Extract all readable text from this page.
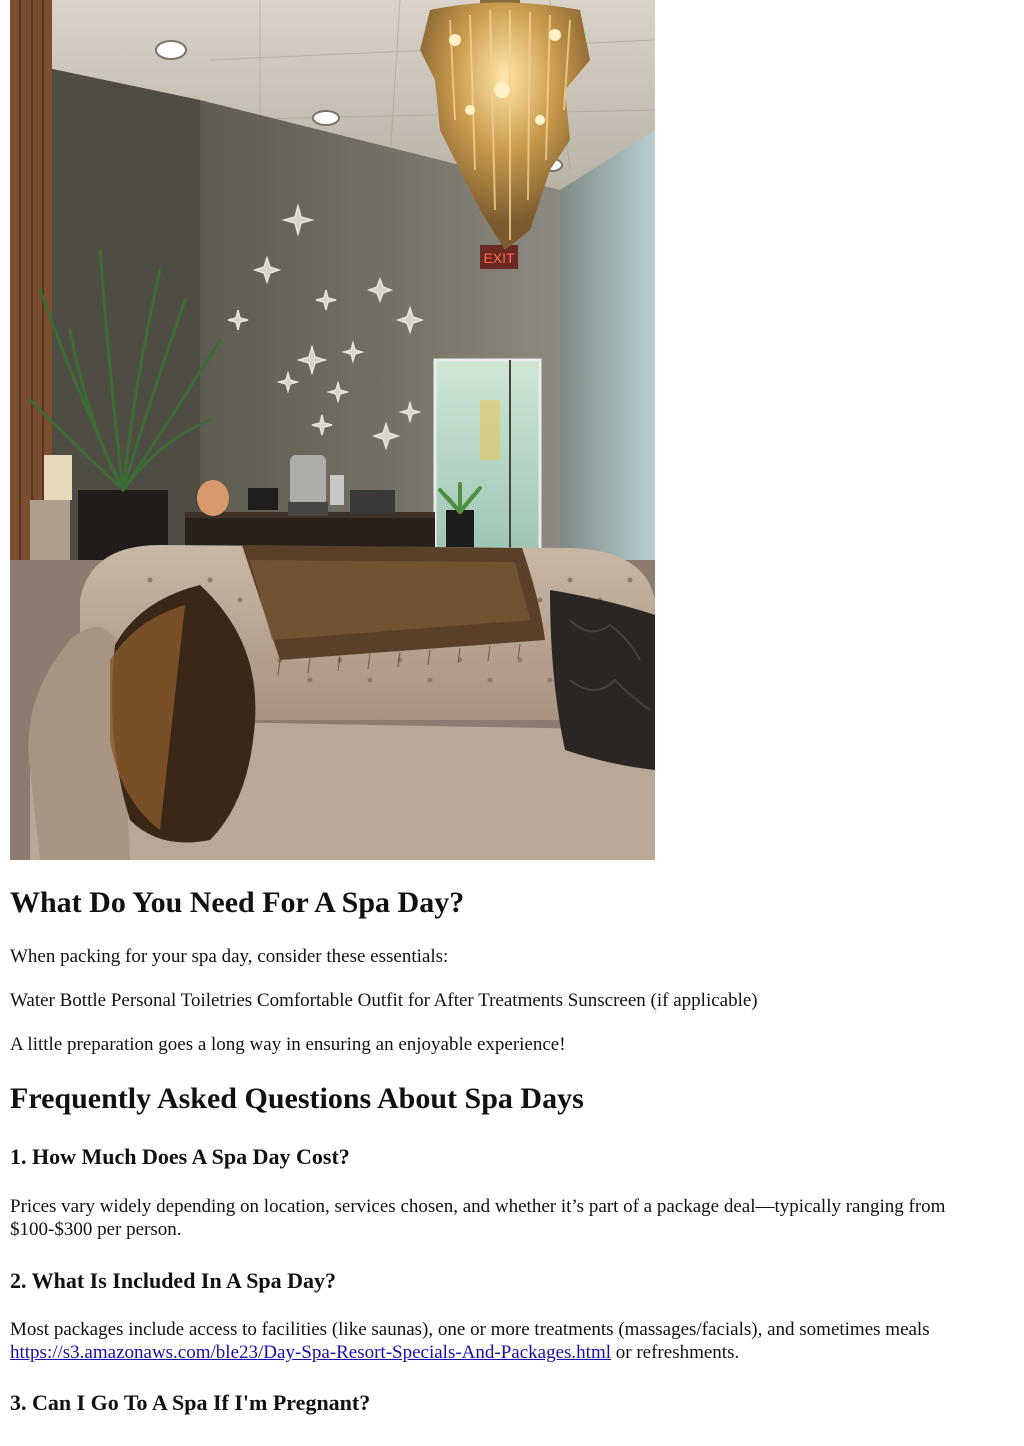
EXIT
What Do You Need For A Spa Day?

When packing for your spa day, consider these essentials:

Water Bottle Personal Toiletries Comfortable Outfit for After Treatments Sunscreen (if applicable)

A little preparation goes a long way in ensuring an enjoyable experience!

Frequently Asked Questions About Spa Days
1. How Much Does A Spa Day Cost?

Prices vary widely depending on location, services chosen, and whether it’s part of a package deal—typically ranging from $100-$300 per person.

2. What Is Included In A Spa Day?

Most packages include access to facilities (like saunas), one or more treatments (massages/facials), and sometimes meals
https://s3.amazonaws.com/ble23/Day-Spa-Resort-Specials-And-Packages.html or refreshments.

3. Can I Go To A Spa If I'm Pregnant?
